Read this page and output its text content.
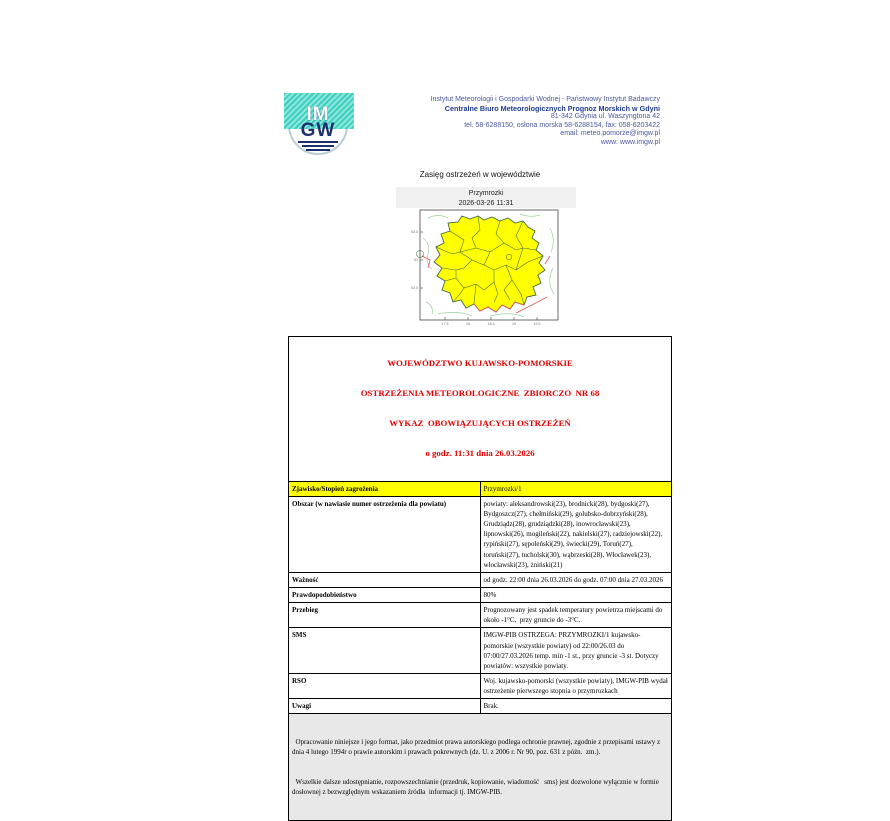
IM
GW
Instytut Meteorologii i Gospodarki Wodnej - Państwowy Instytut Badawczy
Centralne Biuro Meteorologicznych Prognoz Morskich w Gdyni
81-342 Gdynia ul. Waszyngtona 42
tel. 58-6288150, osłona morska 58-6288154, fax: 058-6203422
email: meteo.pomorze@imgw.pl
www: www.imgw.pl
Zasięg ostrzeżeń w województwie
Przymrozki
2026-03-26 11:31
17.5	18	18.5	19	19.5
53.5
53
52.5

WOJEWÓDZTWO KUJAWSKO-POMORSKIE

OSTRZEŻENIA METEOROLOGICZNE  ZBIORCZO  NR 68

WYKAZ  OBOWIĄZUJĄCYCH OSTRZEŻEŃ

o godz. 11:31 dnia 26.03.2026	

Zjawisko/Stopień zagrożenia	Przymrozki/1
Obszar (w nawiasie numer ostrzeżenia dla powiatu)	powiaty: aleksandrowski(23), brodnicki(28), bydgoski(27), Bydgoszcz(27), chełmiński(29), golubsko-dobrzyński(28), Grudziądz(28), grudziądzki(28), inowrocławski(23), lipnowski(26), mogileński(22), nakielski(27), radziejowski(22), rypiński(27), sępoleński(29), świecki(29), Toruń(27), toruński(27), tucholski(30), wąbrzeski(28), Włocławek(23), włocławski(23), żniński(21)
Ważność	od godz. 22:00 dnia 26.03.2026 do godz. 07:00 dnia 27.03.2026
Prawdopodobieństwo	80%
Przebieg	Prognozowany jest spadek temperatury powietrza miejscami do około -1°C,  przy gruncie do -3°C.
SMS	IMGW-PIB OSTRZEGA: PRZYMROZKI/1 kujawsko-pomorskie (wszystkie powiaty) od 22:00/26.03 do 07:00/27.03.2026 temp. min -1 st., przy gruncie -3 st. Dotyczy powiatów: wszystkie powiaty.
RSO	Woj. kujawsko-pomorski (wszystkie powiaty), IMGW-PIB wydał ostrzeżenie pierwszego stopnia o przymrozkach
Uwagi	Brak.

Opracowanie niniejsze i jego format, jako przedmiot prawa autorskiego podlega ochronie prawnej, zgodnie z przepisami ustawy z dnia 4 lutego 1994r o prawie autorskim i prawach pokrewnych (dz. U. z 2006 r. Nr 90, poz. 631 z późn.  zm.).

Wszelkie dalsze udostępnianie, rozpowszechnianie (przedruk, kopiowanie, wiadomość   sms) jest dozwolone wyłącznie w formie dosłownej z bezwzględnym wskazaniem źródła  informacji tj. IMGW-PIB.	
